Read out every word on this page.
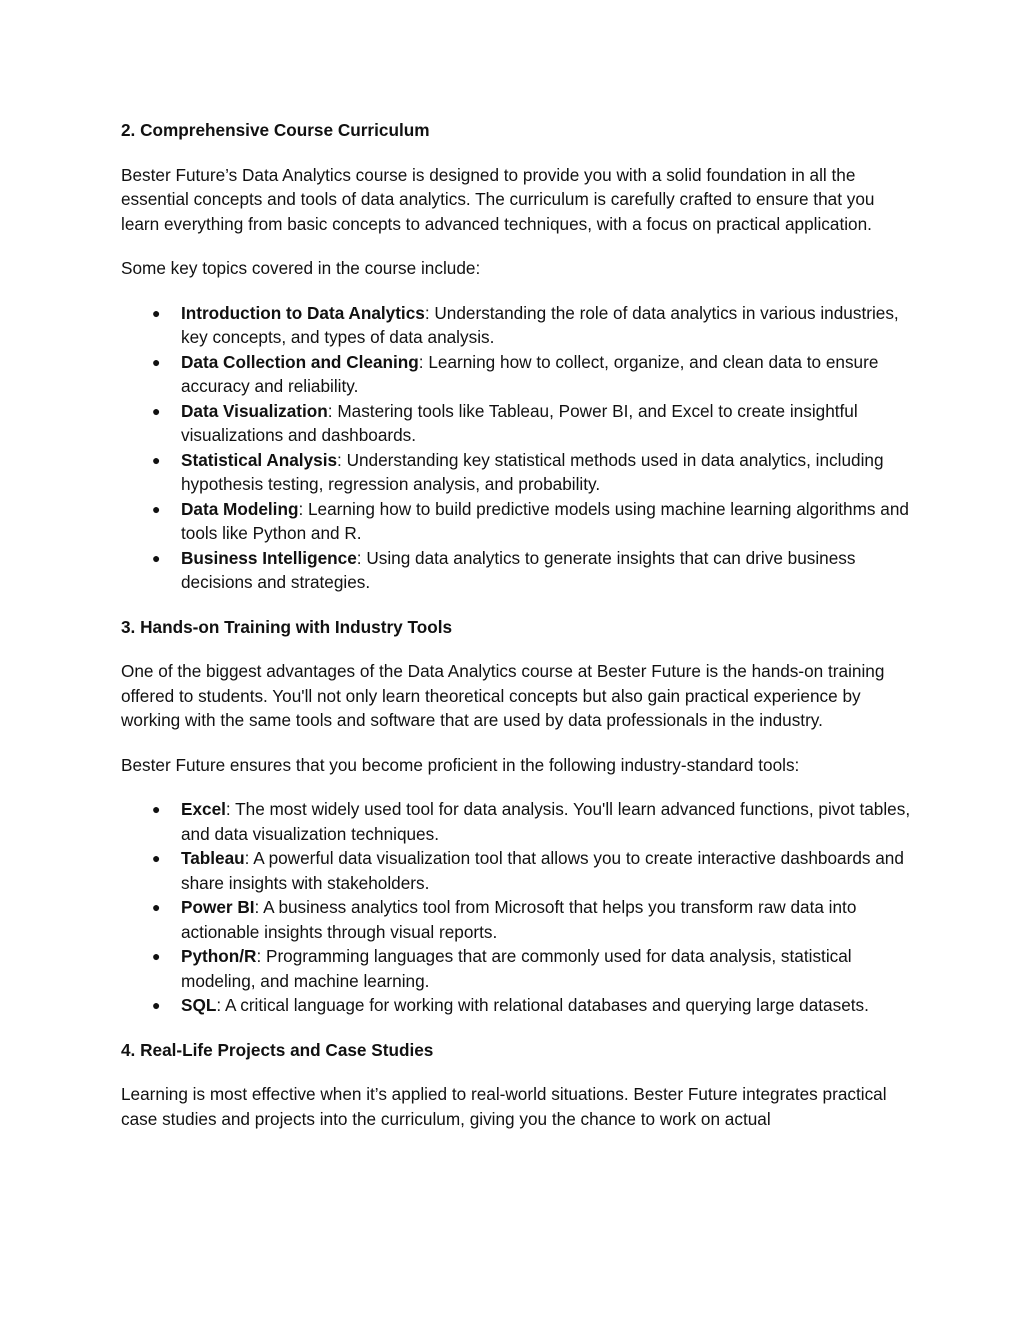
2. Comprehensive Course Curriculum

Bester Future’s Data Analytics course is designed to provide you with a solid foundation in all the essential concepts and tools of data analytics. The curriculum is carefully crafted to ensure that you learn everything from basic concepts to advanced techniques, with a focus on practical application.

Some key topics covered in the course include:

● Introduction to Data Analytics: Understanding the role of data analytics in various industries, key concepts, and types of data analysis.
● Data Collection and Cleaning: Learning how to collect, organize, and clean data to ensure accuracy and reliability.
● Data Visualization: Mastering tools like Tableau, Power BI, and Excel to create insightful visualizations and dashboards.
● Statistical Analysis: Understanding key statistical methods used in data analytics, including hypothesis testing, regression analysis, and probability.
● Data Modeling: Learning how to build predictive models using machine learning algorithms and tools like Python and R.
● Business Intelligence: Using data analytics to generate insights that can drive business decisions and strategies.

3. Hands-on Training with Industry Tools

One of the biggest advantages of the Data Analytics course at Bester Future is the hands-on training offered to students. You'll not only learn theoretical concepts but also gain practical experience by working with the same tools and software that are used by data professionals in the industry.

Bester Future ensures that you become proficient in the following industry-standard tools:

● Excel: The most widely used tool for data analysis. You'll learn advanced functions, pivot tables, and data visualization techniques.
● Tableau: A powerful data visualization tool that allows you to create interactive dashboards and share insights with stakeholders.
● Power BI: A business analytics tool from Microsoft that helps you transform raw data into actionable insights through visual reports.
● Python/R: Programming languages that are commonly used for data analysis, statistical modeling, and machine learning.
● SQL: A critical language for working with relational databases and querying large datasets.

4. Real-Life Projects and Case Studies

Learning is most effective when it’s applied to real-world situations. Bester Future integrates practical case studies and projects into the curriculum, giving you the chance to work on actual
